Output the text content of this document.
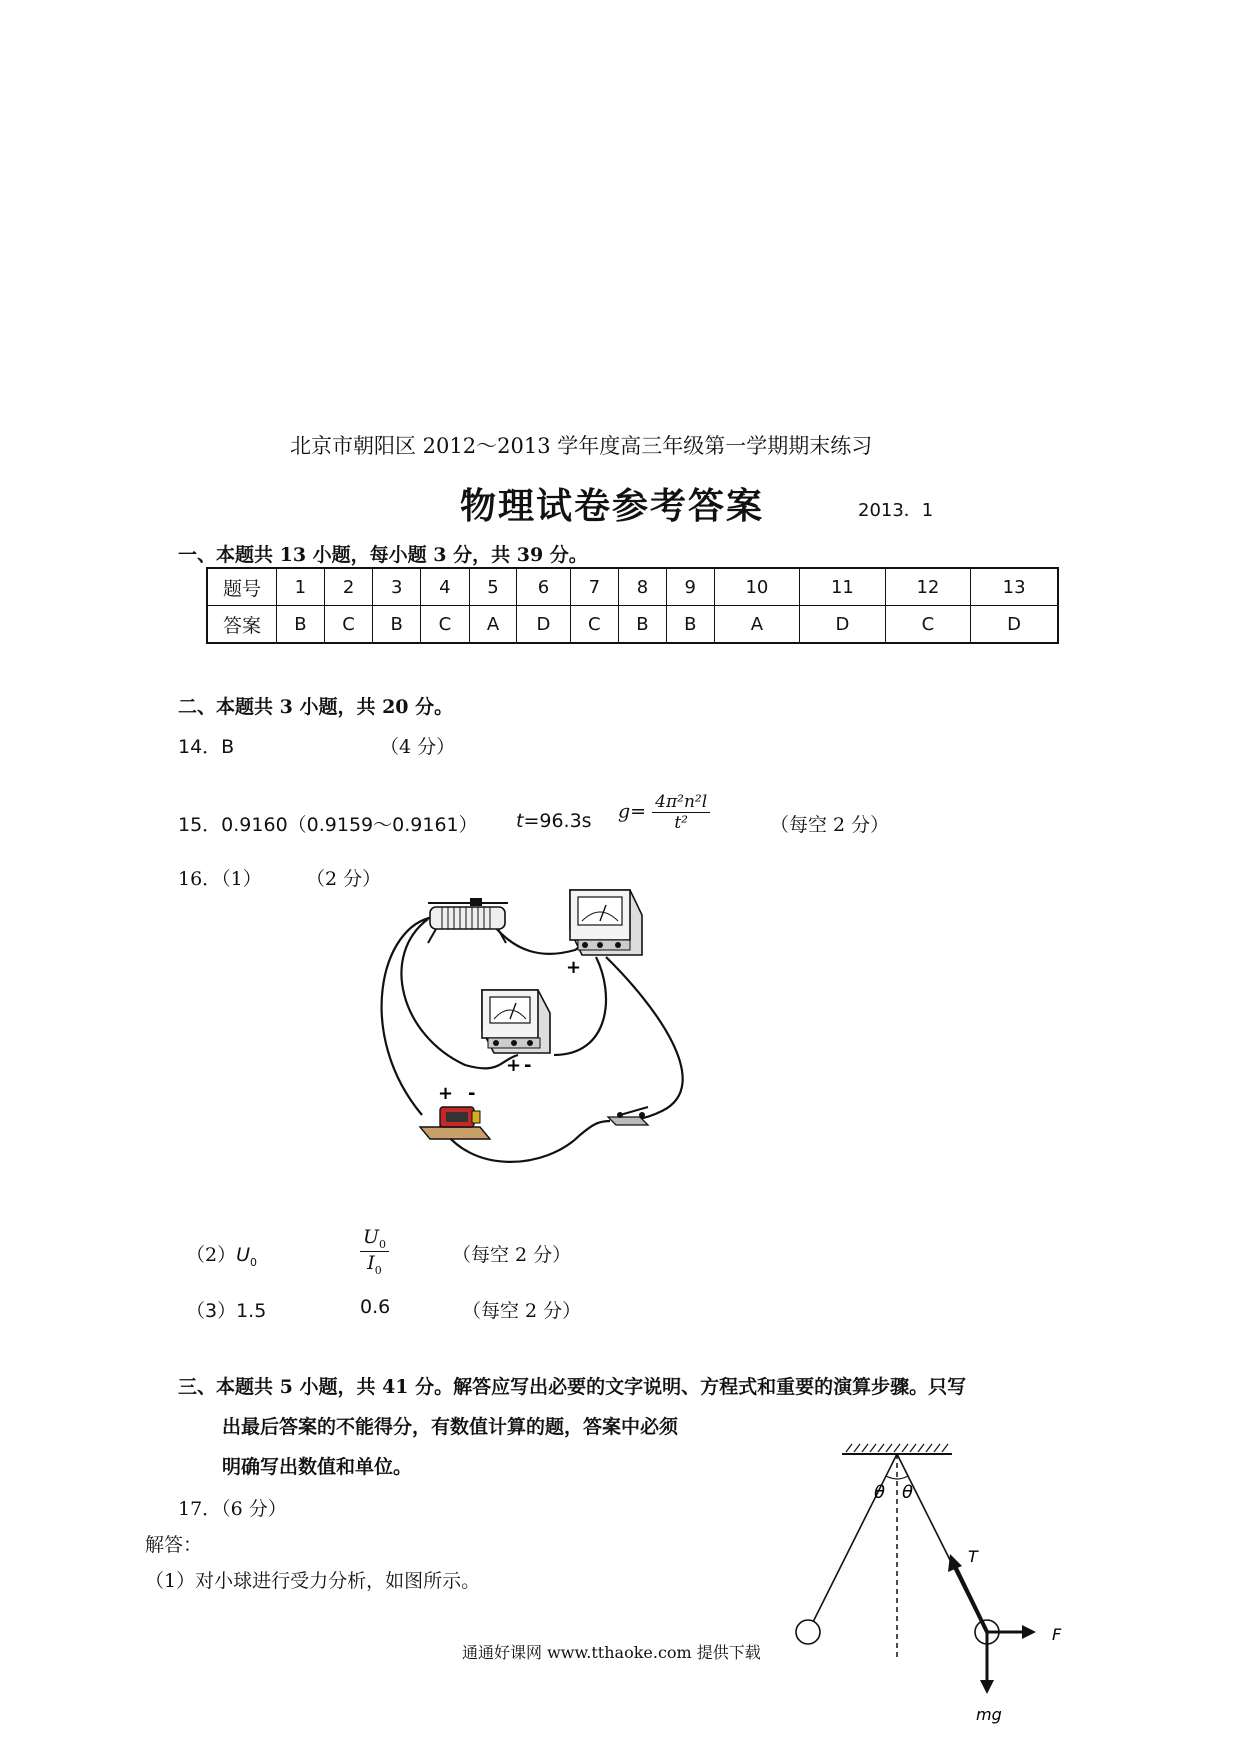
北京市朝阳区 2012～2013 学年度高三年级第一学期期末练习
物理试卷参考答案	2013．1
一、本题共 13 小题，每小题 3 分，共 39 分。
题号	1	2	3	4	5	6	7	8	9	10	11	12	13
答案	B	C	B	C	A	D	C	B	B	A	D	C	D
二、本题共 3 小题，共 20 分。
14．B	（4 分）
15．0.9160（0.9159～0.9161） t=96.3s $g= \frac{\text{4π²n²l}}{\text{t²}}$	（每空 2 分）
16．（1） （2 分）
+
+ -
+ -
$(2)U_0$	$\frac{U_0}{I_0}$	（每空 2 分）
（3）1.5	0.6	（每空 2 分）
三、本题共 5 小题，共 41 分。解答应写出必要的文字说明、方程式和重要的演算步骤。只写
出最后答案的不能得分，有数值计算的题，答案中必须
明确写出数值和单位。
17．（6 分）
解答：
（1）对小球进行受力分析，如图所示。
θ θ
T
F
mg
通通好课网 www.tthaoke.com 提供下载
